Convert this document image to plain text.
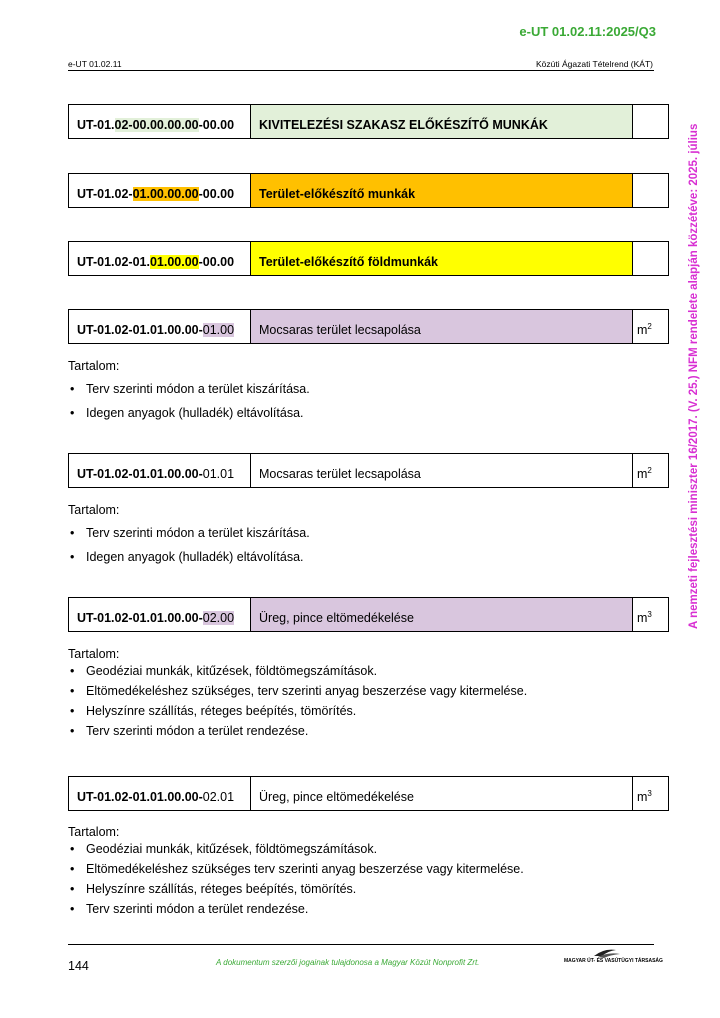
e-UT 01.02.11:2025/Q3
e-UT 01.02.11	Közúti Ágazati Tételrend (KÁT)
A nemzeti fejlesztési miniszter 16/2017. (V. 25.) NFM rendelete alapján közzétéve: 2025. július
UT-01.02-00.00.00.00-00.00	KIVITELEZÉSI SZAKASZ ELŐKÉSZÍTŐ MUNKÁK	
UT-01.02-01.00.00.00-00.00	Terület-előkészítő munkák	
UT-01.02-01.01.00.00-00.00	Terület-előkészítő földmunkák	
UT-01.02-01.01.00.00-01.00	Mocsaras terület lecsapolása	$m^2$
Tartalom:
• Terv szerinti módon a terület kiszárítása.
• Idegen anyagok (hulladék) eltávolítása.
UT-01.02-01.01.00.00-01.01	Mocsaras terület lecsapolása	$m^2$
Tartalom:
• Terv szerinti módon a terület kiszárítása.
• Idegen anyagok (hulladék) eltávolítása.
UT-01.02-01.01.00.00-02.00	Üreg, pince eltömedékelése	$m^3$
Tartalom:
• Geodéziai munkák, kitűzések, földtömegszámítások.
• Eltömedékeléshez szükséges, terv szerinti anyag beszerzése vagy kitermelése.
• Helyszínre szállítás, réteges beépítés, tömörítés.
• Terv szerinti módon a terület rendezése.
UT-01.02-01.01.00.00-02.01	Üreg, pince eltömedékelése	$m^3$
Tartalom:
• Geodéziai munkák, kitűzések, földtömegszámítások.
• Eltömedékeléshez szükséges terv szerinti anyag beszerzése vagy kitermelése.
• Helyszínre szállítás, réteges beépítés, tömörítés.
• Terv szerinti módon a terület rendezése.
144	A dokumentum szerzői jogainak tulajdonosa a Magyar Közút Nonprofit Zrt.	MAGYAR ÚT- ÉS VASÚTÜGYI TÁRSASÁG
